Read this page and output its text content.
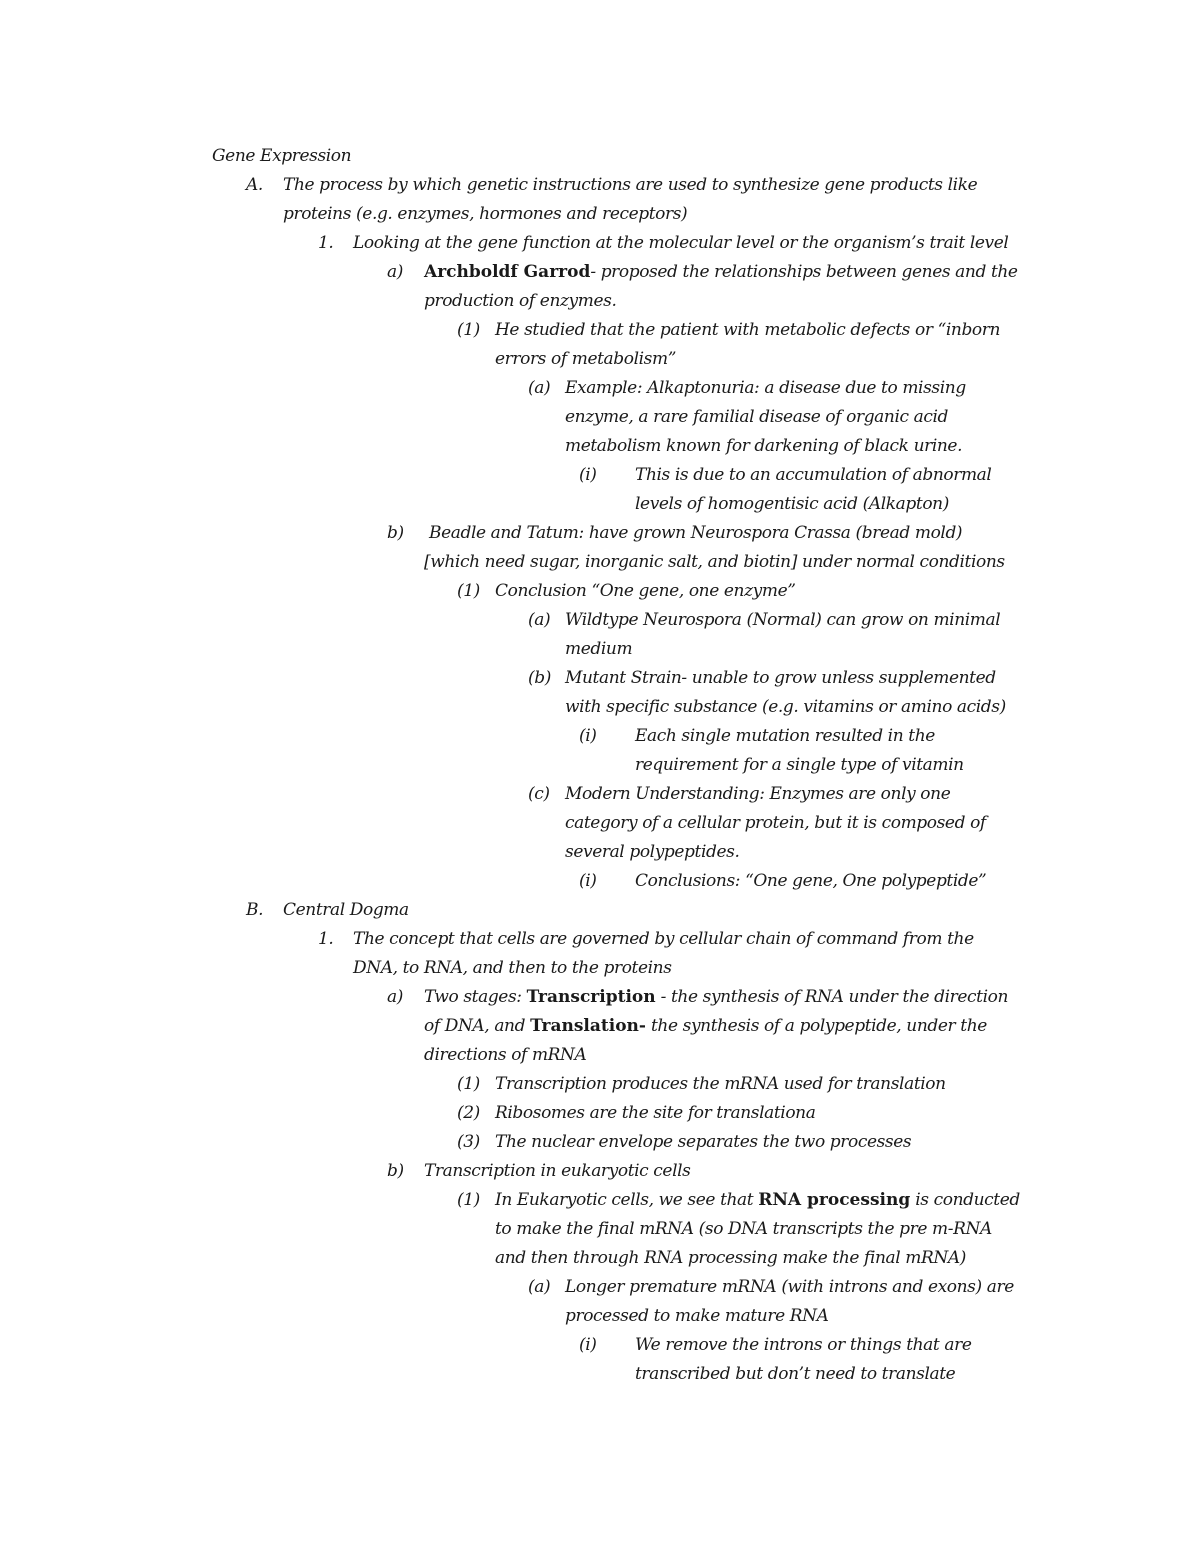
Gene Expression
A. The process by which genetic instructions are used to synthesize gene products like
proteins (e.g. enzymes, hormones and receptors)
1. Looking at the gene function at the molecular level or the organism’s trait level
a) Archboldf Garrod- proposed the relationships between genes and the
production of enzymes.
(1) He studied that the patient with metabolic defects or “inborn
errors of metabolism”
(a) Example: Alkaptonuria: a disease due to missing
enzyme, a rare familial disease of organic acid
metabolism known for darkening of black urine.
(i) This is due to an accumulation of abnormal
levels of homogentisic acid (Alkapton)
b) Beadle and Tatum: have grown Neurospora Crassa (bread mold)
[which need sugar, inorganic salt, and biotin] under normal conditions
(1) Conclusion “One gene, one enzyme”
(a) Wildtype Neurospora (Normal) can grow on minimal
medium
(b) Mutant Strain- unable to grow unless supplemented
with specific substance (e.g. vitamins or amino acids)
(i) Each single mutation resulted in the
requirement for a single type of vitamin
(c) Modern Understanding: Enzymes are only one
category of a cellular protein, but it is composed of
several polypeptides.
(i) Conclusions: “One gene, One polypeptide”
B. Central Dogma
1. The concept that cells are governed by cellular chain of command from the
DNA, to RNA, and then to the proteins
a) Two stages: Transcription - the synthesis of RNA under the direction
of DNA, and Translation- the synthesis of a polypeptide, under the
directions of mRNA
(1) Transcription produces the mRNA used for translation
(2) Ribosomes are the site for translationa
(3) The nuclear envelope separates the two processes
b) Transcription in eukaryotic cells
(1) In Eukaryotic cells, we see that RNA processing is conducted
to make the final mRNA (so DNA transcripts the pre m-RNA
and then through RNA processing make the final mRNA)
(a) Longer premature mRNA (with introns and exons) are
processed to make mature RNA
(i) We remove the introns or things that are
transcribed but don’t need to translate
